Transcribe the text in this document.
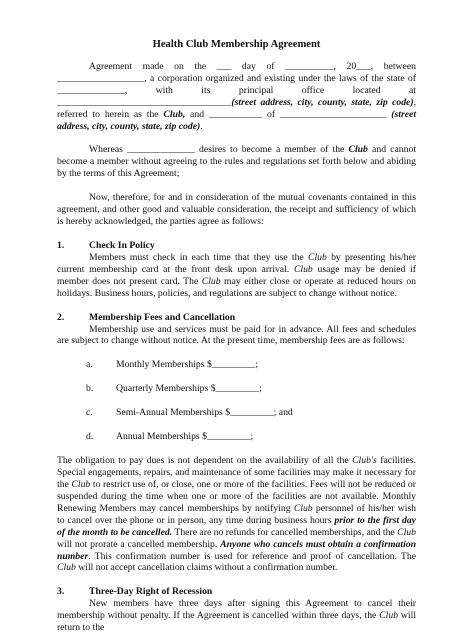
Health Club Membership Agreement

Agreement made on the ___ day of __________, 20___, between __________________, a corporation organized and existing under the laws of the state of ______________, with its	principal office located at ____________________________________(street address, city, county, state, zip code), referred to herein as the Club, and ___________ of ______________________ (street address, city, county, state, zip code).

Whereas ______________ desires to become a member of the Club and cannot become a member without agreeing to the rules and regulations set forth below and abiding by the terms of this Agreement;

Now, therefore, for and in consideration of the mutual covenants contained in this agreement, and other good and valuable consideration, the receipt and sufficiency of which is hereby acknowledged, the parties agree as follows:

1.	Check In Policy

Members must check in each time that they use the Club by presenting his/her current membership card at the front desk upon arrival. Club usage may be denied if member does not present card. The Club may either close or operate at reduced hours on holidays. Business hours, policies, and regulations are subject to change without notice.

2.	Membership Fees and Cancellation

Membership use and services must be paid for in advance. All fees and schedules are subject to change without notice. At the present time, membership fees are as follows:

a.	Monthly Memberships $_________;
b.	Quarterly Memberships $_________;
c.	Semi-Annual Memberships $_________; and
d.	Annual Memberships $_________;

The obligation to pay dues is not dependent on the availability of all the Club's facilities. Special engagements, repairs, and maintenance of some facilities may make it necessary for the Club to restrict use of, or close, one or more of the facilities. Fees will not be reduced or suspended during the time when one or more of the facilities are not available. Monthly Renewing Members may cancel memberships by notifying Club personnel of his/her wish to cancel over the phone or in person, any time during business hours prior to the first day of the month to be cancelled. There are no refunds for cancelled memberships, and the Club will not prorate a cancelled membership. Anyone who cancels must obtain a confirmation number. This confirmation number is used for reference and proof of cancellation. The Club will not accept cancellation claims without a confirmation number.

3.	Three-Day Right of Recession

New members have three days after signing this Agreement to cancel their membership without penalty. If the Agreement is cancelled within three days, the Club will return to the
